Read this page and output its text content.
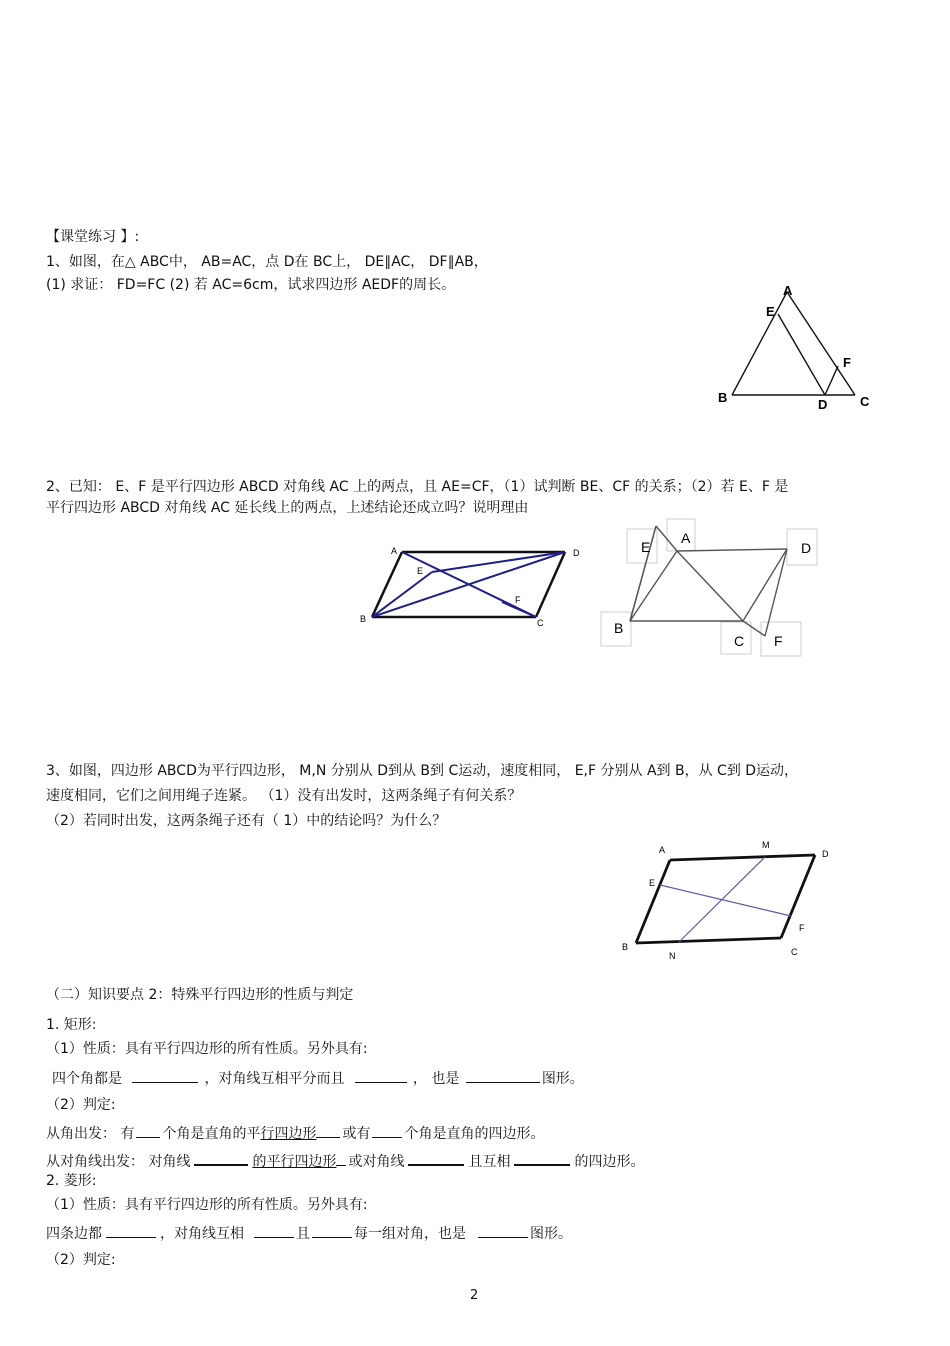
【课堂练习 】:
1、如图，在△ ABC中， AB=AC，点 D在 BC上， DE∥AC， DF∥AB，
(1) 求证： FD=FC (2) 若 AC=6cm，试求四边形 AEDF的周长。	A
E
F
B	D	C
2、已知： E、F 是平行四边形 ABCD 对角线 AC 上的两点，且 AE=CF，（1）试判断 BE、CF 的关系；（2）若 E、F 是
平行四边形 ABCD 对角线 AC 延长线上的两点，上述结论还成立吗？说明理由
A	D
E
F
B	C
E
A
D
B
C F
3、如图，四边形 ABCD为平行四边形， M,N 分别从 D到从 B到 C运动，速度相同， E,F 分别从 A到 B，从 C到 D运动，
速度相同，它们之间用绳子连紧。 （1）没有出发时，这两条绳子有何关系？
（2）若同时出发，这两条绳子还有（ 1）中的结论吗？为什么？
A	M
D
E
F
B
N	C
（二）知识要点 2：特殊平行四边形的性质与判定
1. 矩形:
（1）性质：具有平行四边形的所有性质。另外具有:
四个角都是	，对角线互相平分而且	， 也是	图形。
（2）判定:
从角出发： 有 个角是直角的平行四边形 或有 个角是直角的四边形。
从对角线出发： 对角线	的平行四边形 或对角线	且互相	的四边形。
2. 菱形:
（1）性质：具有平行四边形的所有性质。另外具有:
四条边都	，对角线互相	且	每一组对角，也是	图形。
（2）判定:
2
